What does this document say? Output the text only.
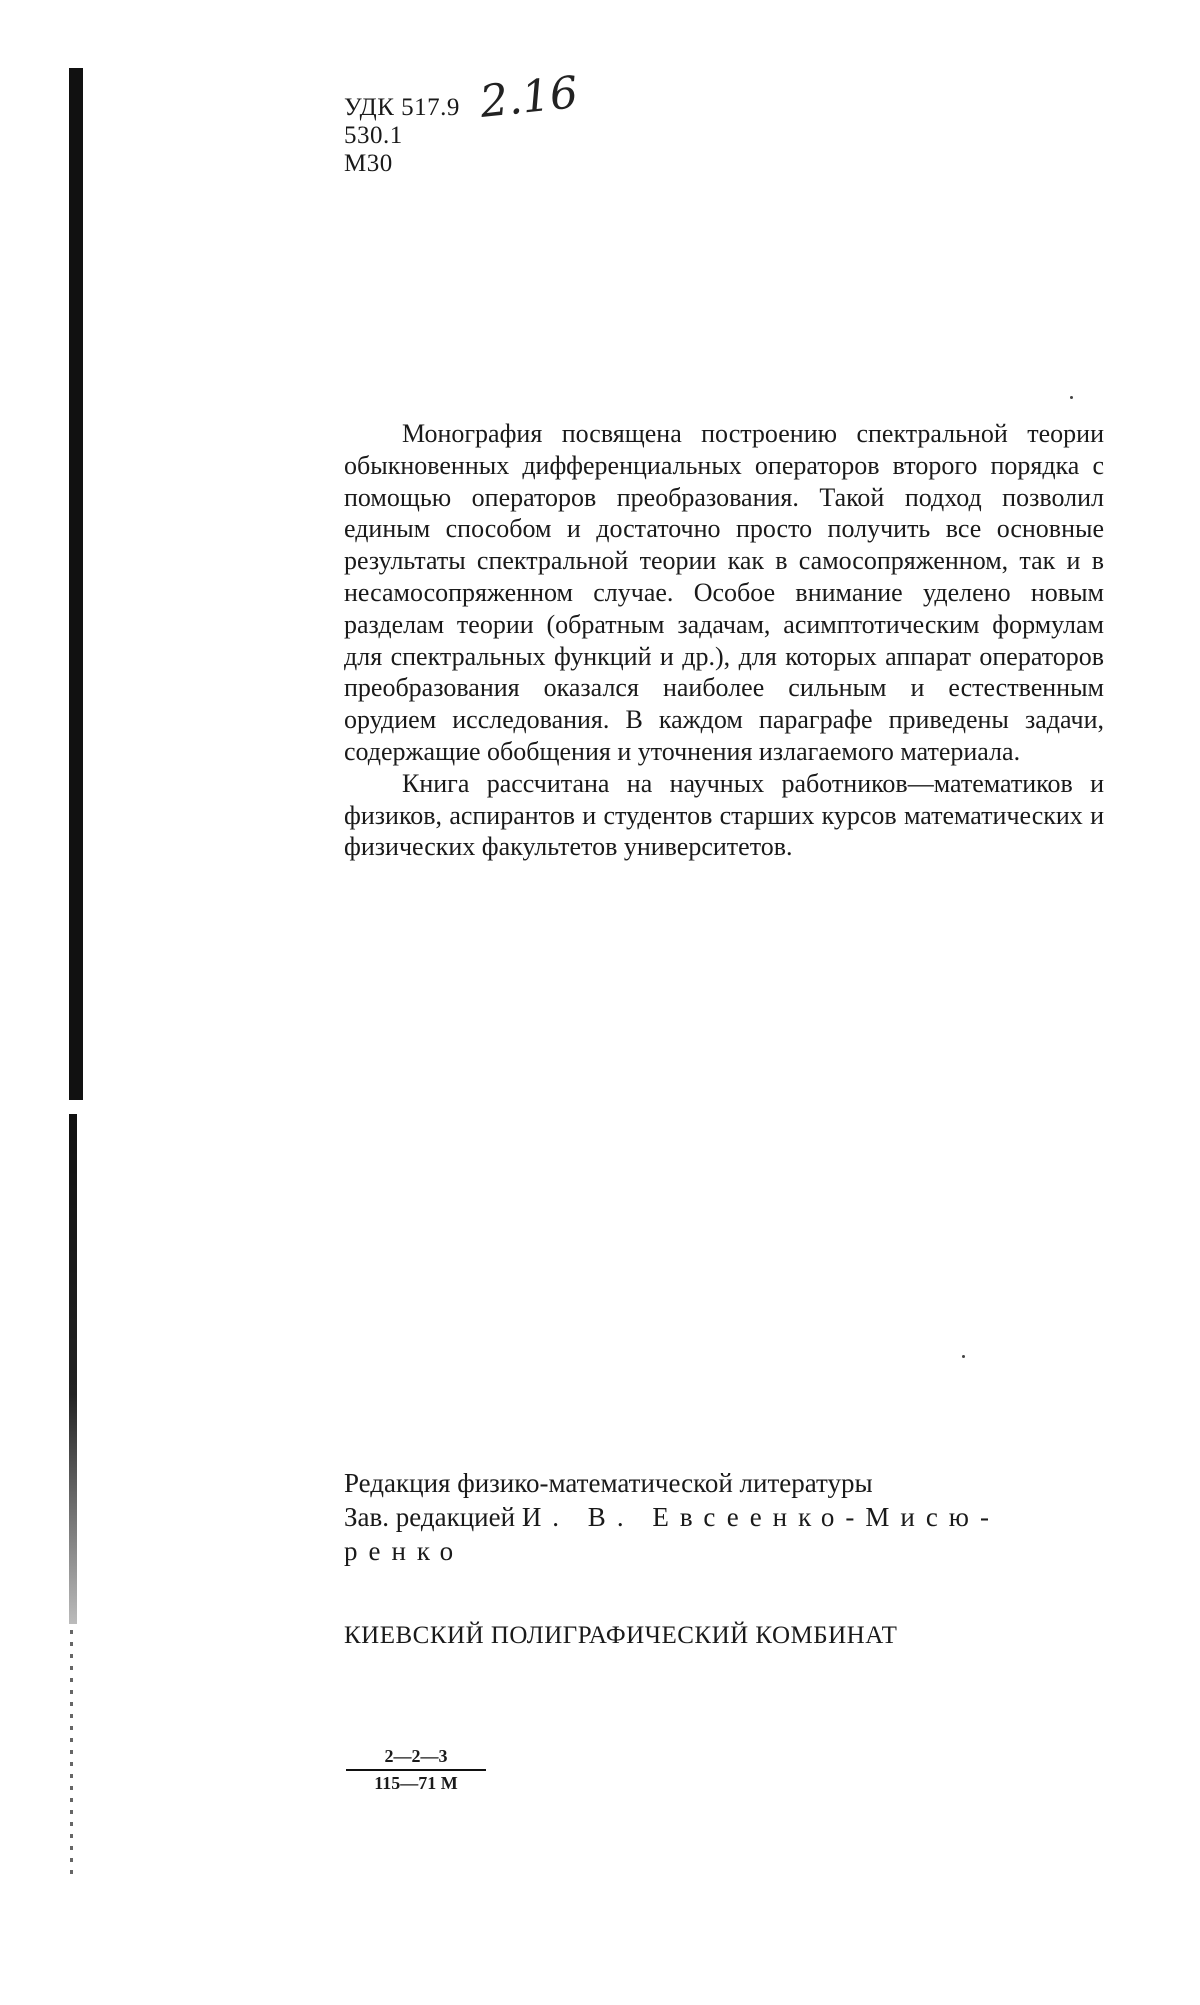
УДК 517.9
530.1
М30
2.16

Монография посвящена построению спектральной теории обыкновенных дифференциальных операторов второго порядка с помощью операторов преобразования. Такой подход позволил единым способом и достаточно просто получить все основные результаты спектральной теории как в самосопряженном, так и в несамосопряженном случае. Особое внимание уделено новым разделам теории (обратным задачам, асимптотическим формулам для спектральных функций и др.), для которых аппарат операторов преобразования оказался наиболее сильным и естественным орудием исследования. В каждом параграфе приведены задачи, содержащие обобщения и уточнения излагаемого материала.

Книга рассчитана на научных работников—математиков и физиков, аспирантов и студентов старших курсов математических и физических факультетов университетов.

Редакция физико-математической литературы
Зав. редакцией И. В. Евсеенко-Мисю-
ренко
КИЕВСКИЙ ПОЛИГРАФИЧЕСКИЙ КОМБИНАТ
2—2—3
115—71 М
